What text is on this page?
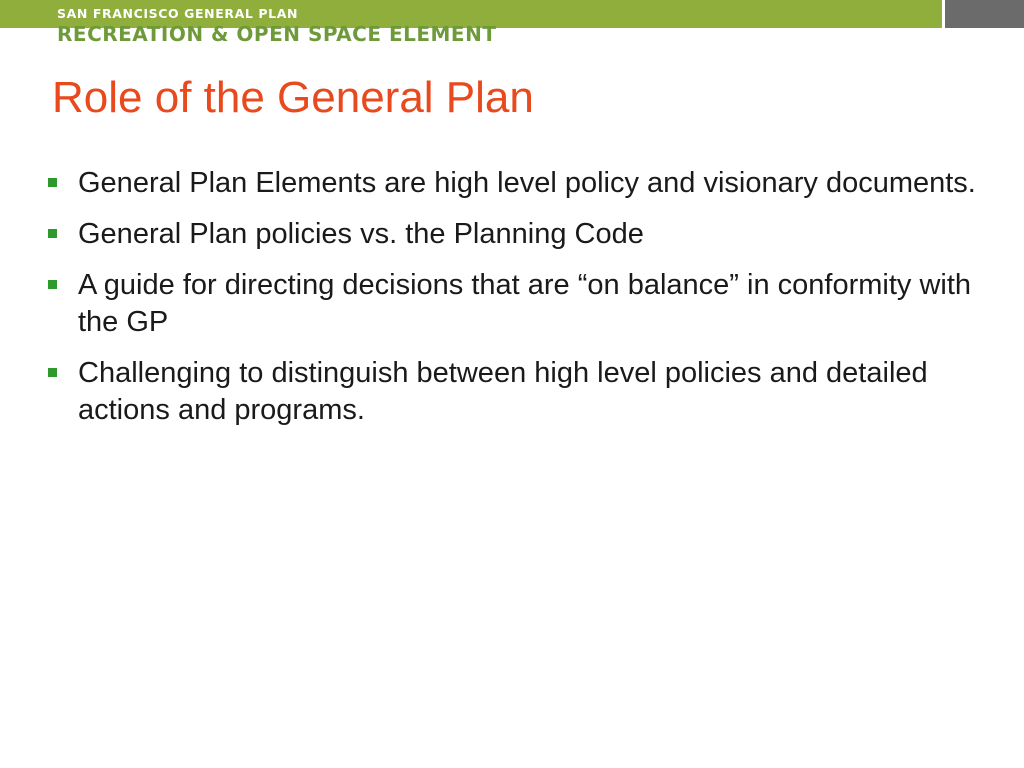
SAN FRANCISCO GENERAL PLAN
RECREATION & OPEN SPACE ELEMENT
Role of the General Plan
General Plan Elements are high level policy and visionary documents.
General Plan policies vs. the Planning Code
A guide for directing decisions that are “on balance” in conformity with the GP
Challenging to distinguish between high level policies and detailed actions and programs.
